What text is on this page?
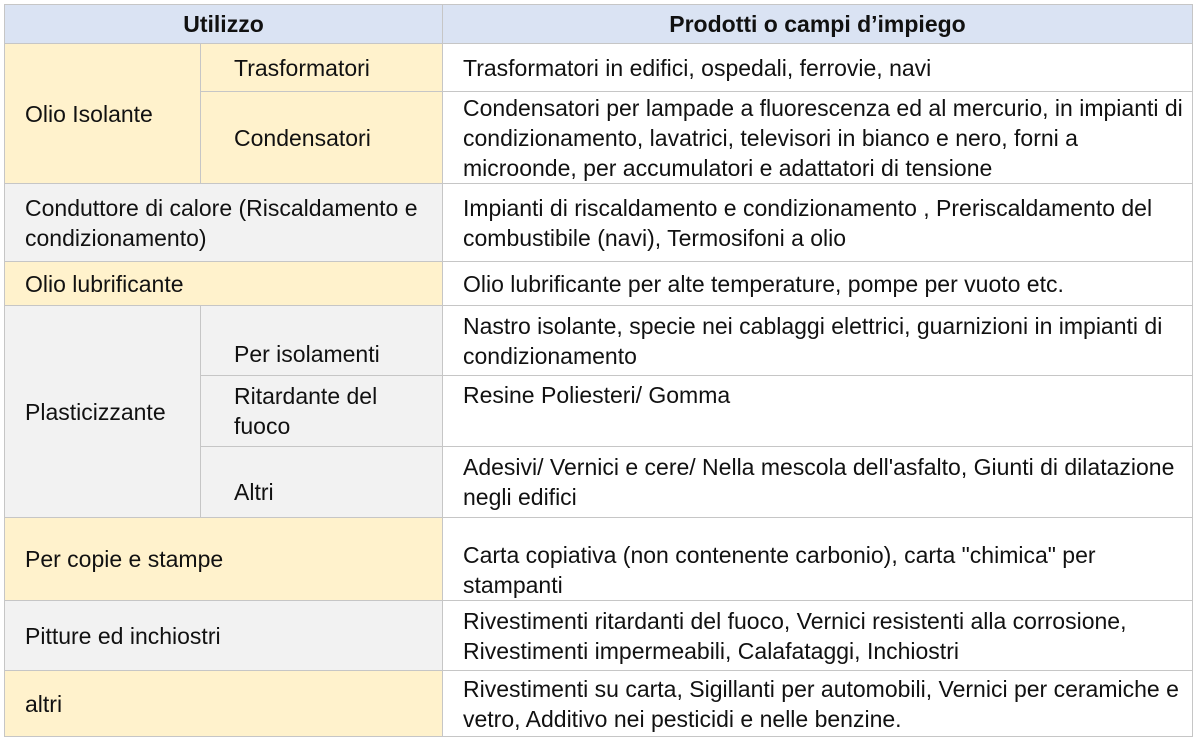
Utilizzo		Prodotti o campi d’impiego
Olio Isolante	Trasformatori	Trasformatori in edifici, ospedali, ferrovie, navi
	Condensatori	Condensatori per lampade a fluorescenza ed al mercurio, in impianti di condizionamento, lavatrici, televisori in bianco e nero, forni a microonde, per accumulatori e adattatori di tensione
Conduttore di calore (Riscaldamento e condizionamento)		Impianti di riscaldamento e condizionamento , Preriscaldamento del combustibile (navi), Termosifoni a olio
Olio lubrificante		Olio lubrificante per alte temperature, pompe per vuoto etc.
Plasticizzante	Per isolamenti	Nastro isolante, specie nei cablaggi elettrici, guarnizioni in impianti di condizionamento
	Ritardante del fuoco	Resine Poliesteri/ Gomma
	Altri	Adesivi/ Vernici e cere/ Nella mescola dell'asfalto, Giunti di dilatazione negli edifici
Per copie e stampe		Carta copiativa (non contenente carbonio), carta "chimica" per stampanti
Pitture ed inchiostri		Rivestimenti ritardanti del fuoco, Vernici resistenti alla corrosione, Rivestimenti impermeabili, Calafataggi, Inchiostri
altri		Rivestimenti su carta, Sigillanti per automobili, Vernici per ceramiche e vetro, Additivo nei pesticidi e nelle benzine.
